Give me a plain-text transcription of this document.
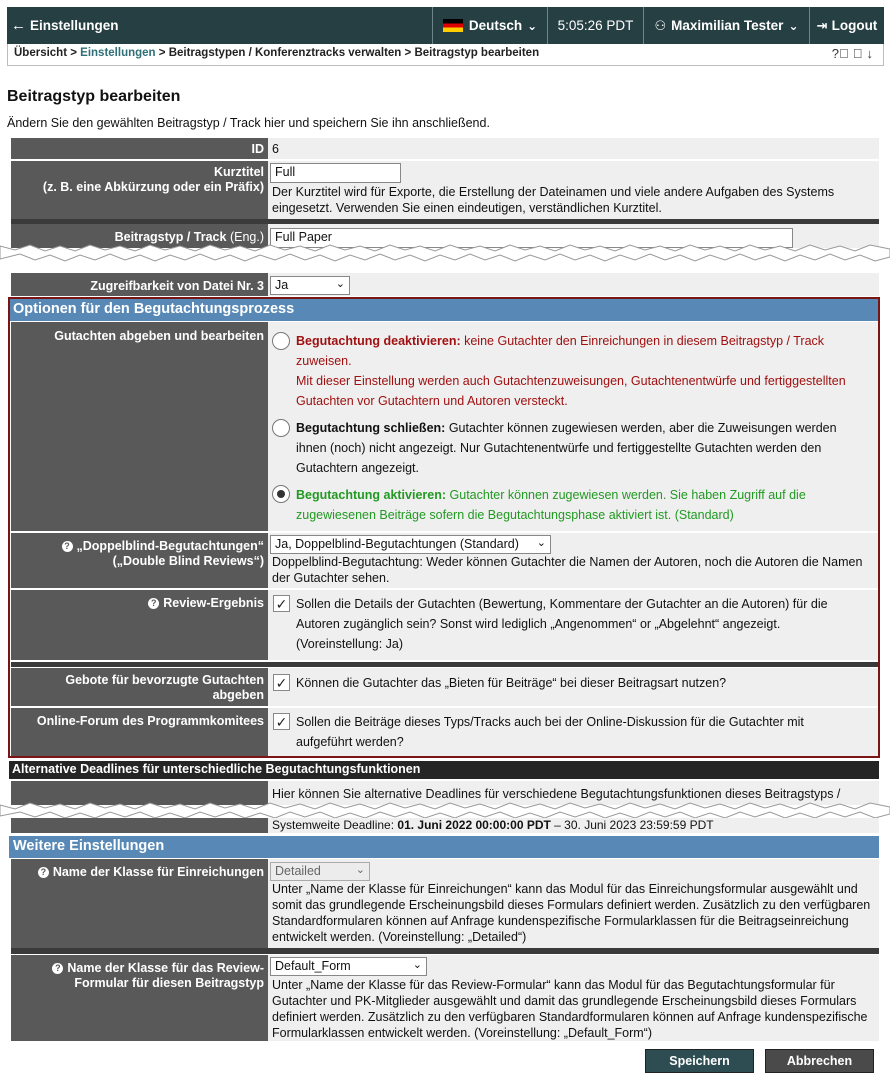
← Einstellungen	Deutsch ⌄ 5:05:26
PDT ⚇ Maximilian Tester ⌄ ⇥ Logout
Übersicht > Einstellungen > Beitragstypen / Konferenztracks verwalten > Beitragstyp bearbeiten	?⃝⎙↓
Beitragstyp bearbeiten
Ändern Sie den gewählten Beitragstyp / Track hier und speichern Sie ihn anschließend.
ID 6
Kurztitel
(z. B. eine Abkürzung oder ein Präfix) Der Kurztitel wird für Exporte, die Erstellung der Dateinamen und viele andere Aufgaben des Systems eingesetzt. Verwenden Sie einen eindeutigen, verständlichen Kurztitel.
Full
Beitragstyp / Track (Eng.) Full Paper
Zugreifbarkeit von Datei Nr. 3 Ja	⌄
Optionen für den Begutachtungsprozess
Gutachten abgeben und bearbeiten	Begutachtung deaktivieren: keine Gutachter den Einreichungen in diesem Beitragstyp / Track zuweisen.
Mit dieser Einstellung werden auch Gutachtenzuweisungen, Gutachtenentwürfe und fertiggestellten Gutachten vor Gutachtern und Autoren versteckt.
Begutachtung schließen: Gutachter können zugewiesen werden, aber die Zuweisungen werden ihnen (noch) nicht angezeigt. Nur Gutachtenentwürfe und fertiggestellte Gutachten werden den Gutachtern angezeigt.
Begutachtung aktivieren: Gutachter können zugewiesen werden. Sie haben Zugriff auf die zugewiesenen Beiträge sofern die Begutachtungsphase aktiviert ist. (Standard)
? „Doppelblind-Begutachtungen“
(„Double Blind Reviews“) Doppelblind-Begutachtung: Weder können Gutachter die Namen der Autoren, noch die Autoren die Namen der Gutachter sehen.
Ja, Doppelblind-Begutachtungen (Standard) ⌄
? Review-Ergebnis ✓ Sollen die Details der Gutachten (Bewertung, Kommentare der Gutachter an die Autoren) für die Autoren zugänglich sein? Sonst wird lediglich „Angenommen“ or „Abgelehnt“ angezeigt. (Voreinstellung: Ja)
Gebote für bevorzugte Gutachten abgeben
✓ Können die Gutachter das „Bieten für Beiträge“ bei dieser Beitragsart nutzen?
Online-Forum des Programmkomitees ✓ Sollen die Beiträge dieses Typs/Tracks auch bei der Online-Diskussion für die Gutachter mit aufgeführt werden?
Alternative Deadlines für unterschiedliche Begutachtungsfunktionen
Hier können Sie alternative Deadlines für verschiedene Begutachtungsfunktionen dieses Beitragstyps /
Systemweite Deadline: 01. Juni 2022 00:00:00 PDT – 30. Juni 2023 23:59:59 PDT
Weitere Einstellungen
? Name der Klasse für Einreichungen
Unter „Name der Klasse für Einreichungen“ kann das Modul für das Einreichungsformular ausgewählt und somit das grundlegende Erscheinungsbild dieses Formulars definiert werden. Zusätzlich zu den verfügbaren Standardformularen können auf Anfrage kundenspezifische Formularklassen für die Beitragseinreichung entwickelt werden. (Voreinstellung: „Detailed“)
Detailed	⌄
? Name der Klasse für das Review-Formular für diesen Beitragstyp Unter „Name der Klasse für das Review-Formular“ kann das Modul für das Begutachtungsformular für Gutachter und PK-Mitglieder ausgewählt und damit das grundlegende Erscheinungsbild dieses Formulars definiert werden. Zusätzlich zu den verfügbaren Standardformularen können auf Anfrage kundenspezifische Formularklassen entwickelt werden. (Voreinstellung: „Default_Form“)
Default_Form	⌄
Speichern	Abbrechen
